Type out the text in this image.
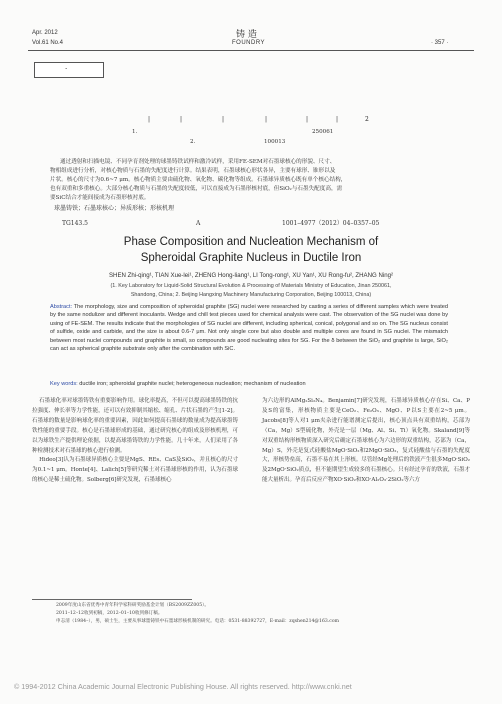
Apr. 2012
Vol.61 No.4
铸 造
FOUNDRY	· 357 ·
·
|	|	|	|	|	|	2
1.	250061
2.	100013
通过透射和扫描电镜、不同孕育剂处理的球墨铸铁试样和激冷试样，采用FE-SEM对石墨球核心的形貌、尺寸、
物相组成进行分析，对核心物质与石墨的失配度进行计算。结果表明，石墨球核心形状各异，主要有球形、锥形以及
片状。核心的尺寸为0.6~7 μm。核心物质主要由硫化物、氧化物、碳化物等组成。石墨球异质核心既有单个核心结构，
也有双重和多重核心。大部分核心物质与石墨的失配度较低，可以直接成为石墨形核衬底，但SiO₂与石墨失配度高，需
要SiC结合才能间接成为石墨形核衬底。
球墨铸铁；石墨球核心；异质形核；形核机理
TG143.5	A	1001–4977（2012）04–0357–05
Phase Composition and Nucleation Mechanism of
Spheroidal Graphite Nucleus in Ductile Iron
SHEN Zhi-qing¹, TIAN Xue-lei¹, ZHENG Hong-liang¹, LI Tong-rong¹, XU Yan¹, XU Rong-fu², ZHANG Ning²
(1. Key Laboratory for Liquid-Solid Structural Evolution & Processing of Materials Ministry of Education, Jinan 250061,
Shandong, China; 2. Beijing Hangxing Machinery Manufacturing Corporation, Beijing 100013, China)
Abstract: The morphology, size and composition of spheroidal graphite (SG) nuclei were researched by casting a series of different samples which were treated by the same nodulizer and different inoculants. Wedge and chill test pieces used for chemical analysis were cast. The observation of the SG nuclei was done by using of FE-SEM. The results indicate that the morphologies of SG nuclei are different, including spherical, conical, polygonal and so on. The SG nucleus consist of sulfide, oxide and carbide, and the size is about 0.6-7 μm. Not only single core but also double and multiple cores are found in SG nuclei. The mismatch between most nuclei compounds and graphite is small, so compounds are good nucleating sites for SG. For the δ between the SiO₂ and graphite is large, SiO₂ can act as spherical graphite substrate only after the combination with SiC.
Key words: ductile iron; spheroidal graphite nuclei; heterogeneous nucleation; mechanism of nucleation
石墨球化率对球墨铸铁有重要影响作用。球化率提高，不但可以提高球墨铸铁的抗拉强度、伸长率等力学性能，还可以有效抑制其缩松、缩孔、片状石墨的产生[1-2]。石墨球的数量是影响球化率的重要因素，因此如何提高石墨球的数量成为提高球墨铸铁性能的重要手段。核心是石墨球形成的基础，通过研究核心的组成及形核机理，可以为球铁生产提供理论依据，以提高球墨铸铁的力学性能。几十年来，人们采用了各种检测技术对石墨球的核心进行检测。
Hideo[3]认为石墨球异质核心主要是MgS、REs、CaS及SiO₂，并且核心的尺寸为0.1~1 μm。Honte[4]、Lalich[5]等研究稀土对石墨球形核的作用，认为石墨球的核心是稀土硫化物。Solberg[6]研究发现，石墨球核心
为六边形的AlMg₂Si₂N₄。Benjamin[7]研究发现，石墨球异质核心存在Si、Ca、P及S的富集，形核物质主要是CeO₂、Fe₂O₃、MgO、P以S主要在2~5 μm。Jacobs[8]等人对1 μm夹杂进行能谱测定后提出，核心顶点具有双重结构，芯部为（Ca，Mg）S型硫化物，外壳是一层（Mg、Al、Si、Ti）氧化物。Skaland[9]等对双重结构形核物质深入研究后确定石墨球核心为六边形的双重结构，芯部为（Ca，Mg）S，外壳是复式硅酸盐MgO·SiO₂和2MgO·SiO₂，复式硅酸盐与石墨的失配度大，形核势垒高，石墨不易在其上形核。尽管经Mg处理后的铁液产生很多MgO·SiO₂及2MgO·SiO₂质点，但不能期望生成较多的石墨核心。只有经过孕育的铁液，石墨才能大量析出。孕育后反应产物XO·SiO₂和XO·Al₂O₃·2SiO₂等六方
2009年度山东省优秀中青年科学家科研奖励基金计划（BS2009ZZ005）。
2011–12–12收到初稿，2012–01–10收到修订稿。
申志清（1984–），男，硕士生，主要从事球墨铸铁中石墨球形核机制的研究。电话：0531-88392727，E-mail：zqshen214@163.com
© 1994-2012 China Academic Journal Electronic Publishing House. All rights reserved. http://www.cnki.net
